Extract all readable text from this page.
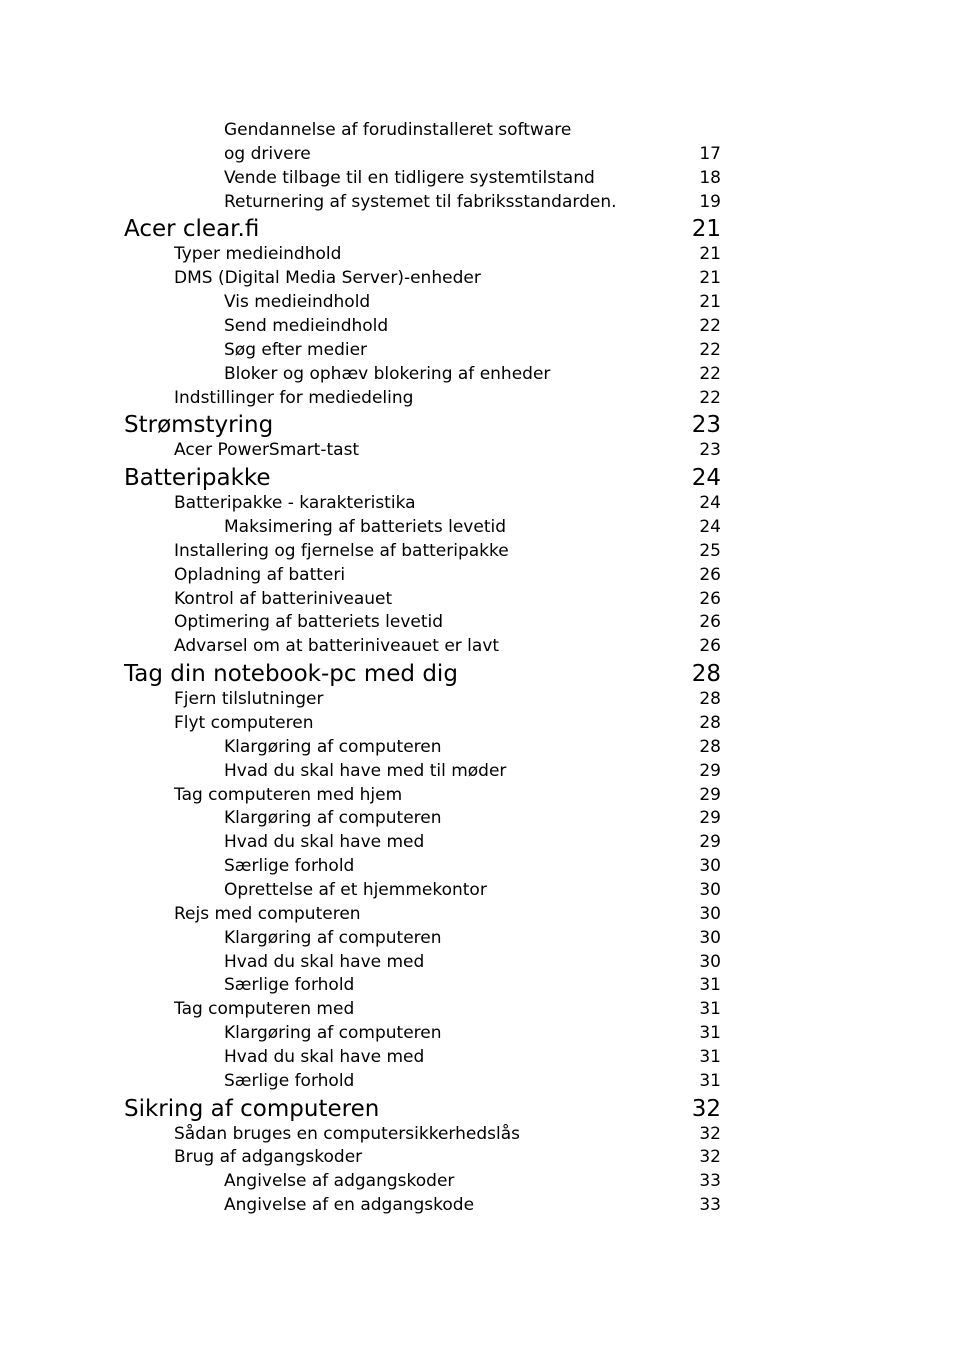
Gendannelse af forudinstalleret software
og drivere	17
Vende tilbage til en tidligere systemtilstand	18
Returnering af systemet til fabriksstandarden.	19
Acer clear.fi	21
Typer medieindhold	21
DMS (Digital Media Server)-enheder	21
Vis medieindhold	21
Send medieindhold	22
Søg efter medier	22
Bloker og ophæv blokering af enheder	22
Indstillinger for mediedeling	22
Strømstyring	23
Acer PowerSmart-tast	23
Batteripakke	24
Batteripakke - karakteristika	24
Maksimering af batteriets levetid	24
Installering og fjernelse af batteripakke	25
Opladning af batteri	26
Kontrol af batteriniveauet	26
Optimering af batteriets levetid	26
Advarsel om at batteriniveauet er lavt	26
Tag din notebook-pc med dig	28
Fjern tilslutninger	28
Flyt computeren	28
Klargøring af computeren	28
Hvad du skal have med til møder	29
Tag computeren med hjem	29
Klargøring af computeren	29
Hvad du skal have med	29
Særlige forhold	30
Oprettelse af et hjemmekontor	30
Rejs med computeren	30
Klargøring af computeren	30
Hvad du skal have med	30
Særlige forhold	31
Tag computeren med	31
Klargøring af computeren	31
Hvad du skal have med	31
Særlige forhold	31
Sikring af computeren	32
Sådan bruges en computersikkerhedslås	32
Brug af adgangskoder	32
Angivelse af adgangskoder	33
Angivelse af en adgangskode	33
